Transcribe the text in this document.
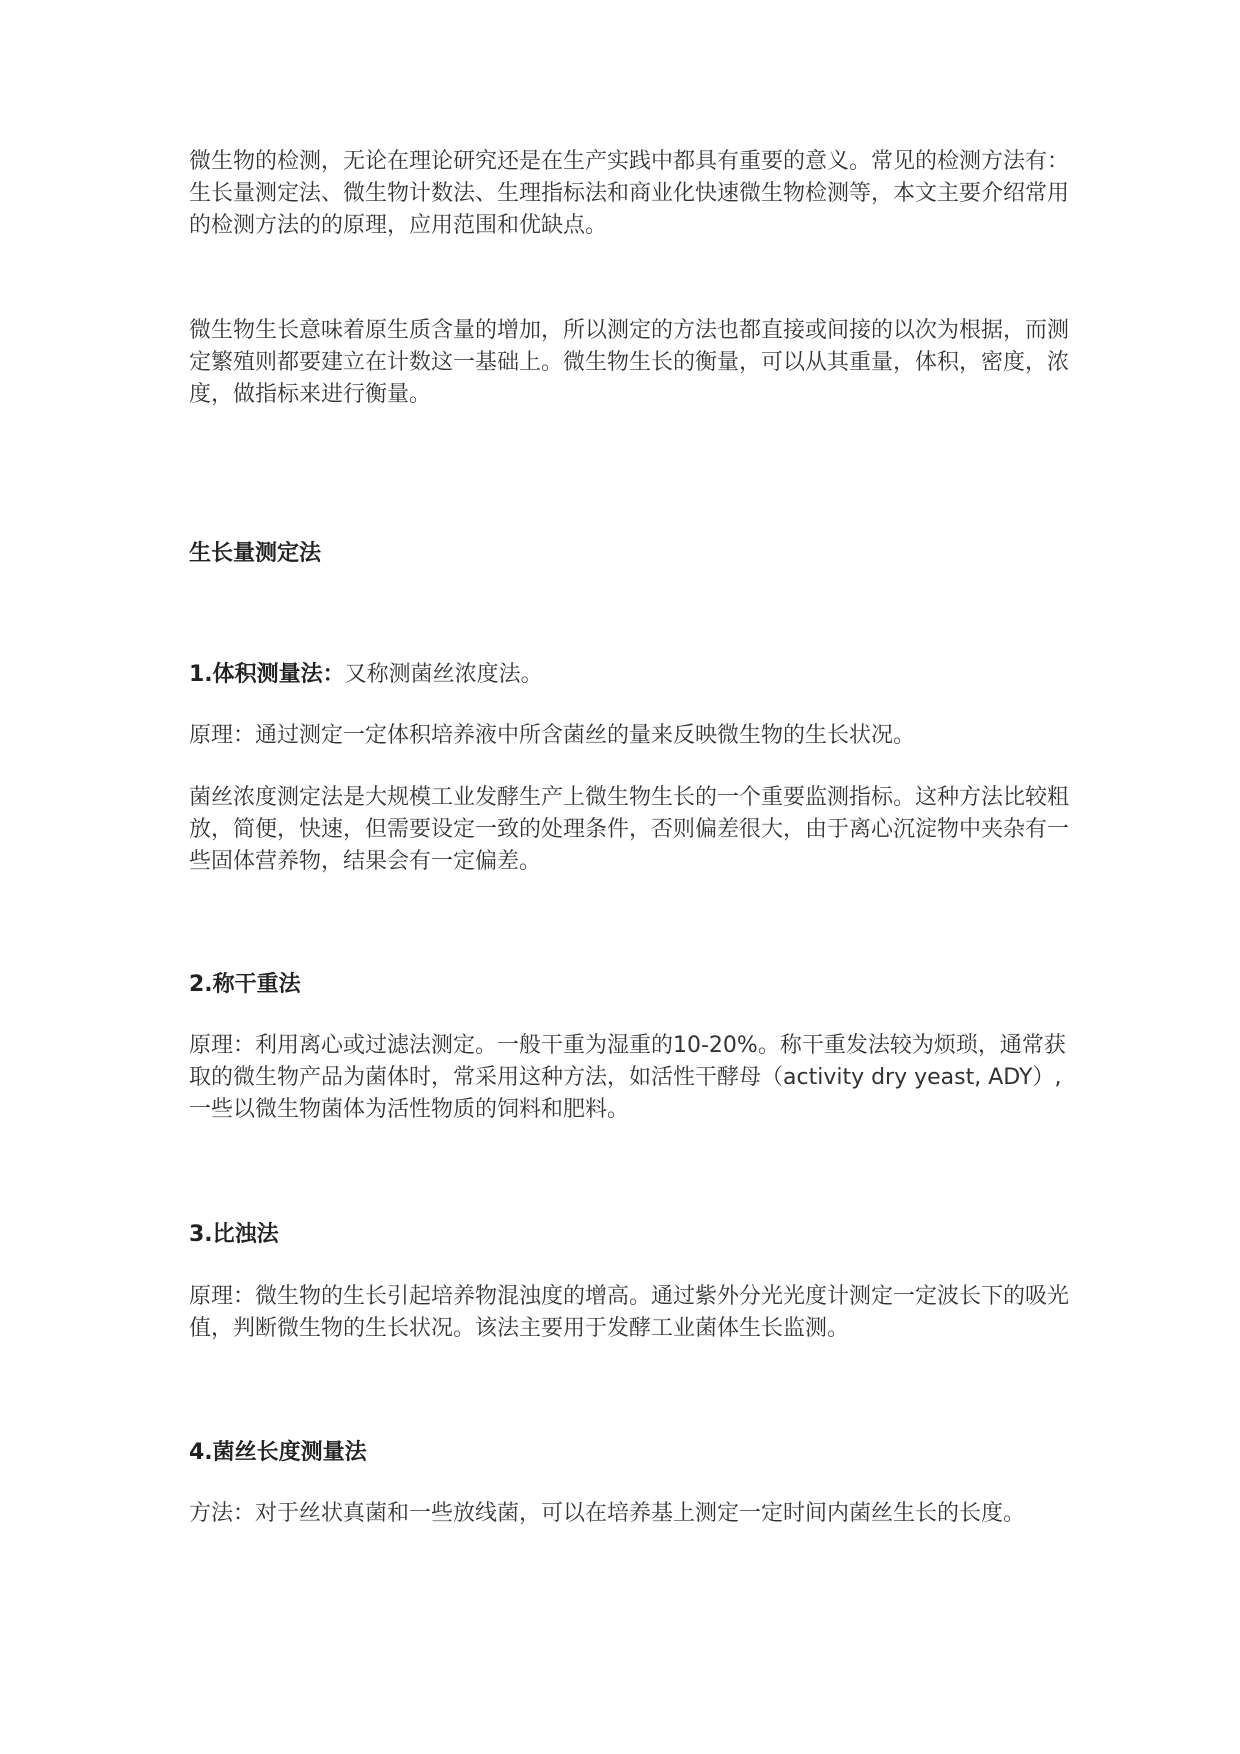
微生物的检测，无论在理论研究还是在生产实践中都具有重要的意义。常见的检测方法有：生长量测定法、微生物计数法、生理指标法和商业化快速微生物检测等，本文主要介绍常用的检测方法的的原理，应用范围和优缺点。

微生物生长意味着原生质含量的增加，所以测定的方法也都直接或间接的以次为根据，而测定繁殖则都要建立在计数这一基础上。微生物生长的衡量，可以从其重量，体积，密度，浓度，做指标来进行衡量。

生长量测定法

1.体积测量法：又称测菌丝浓度法。

原理：通过测定一定体积培养液中所含菌丝的量来反映微生物的生长状况。

菌丝浓度测定法是大规模工业发酵生产上微生物生长的一个重要监测指标。这种方法比较粗放，简便，快速，但需要设定一致的处理条件，否则偏差很大，由于离心沉淀物中夹杂有一些固体营养物，结果会有一定偏差。

2.称干重法

原理：利用离心或过滤法测定。一般干重为湿重的10-20%。称干重发法较为烦琐，通常获取的微生物产品为菌体时，常采用这种方法，如活性干酵母（activity dry yeast, ADY）,一些以微生物菌体为活性物质的饲料和肥料。

3.比浊法

原理：微生物的生长引起培养物混浊度的增高。通过紫外分光光度计测定一定波长下的吸光值，判断微生物的生长状况。该法主要用于发酵工业菌体生长监测。

4.菌丝长度测量法

方法：对于丝状真菌和一些放线菌，可以在培养基上测定一定时间内菌丝生长的长度。
